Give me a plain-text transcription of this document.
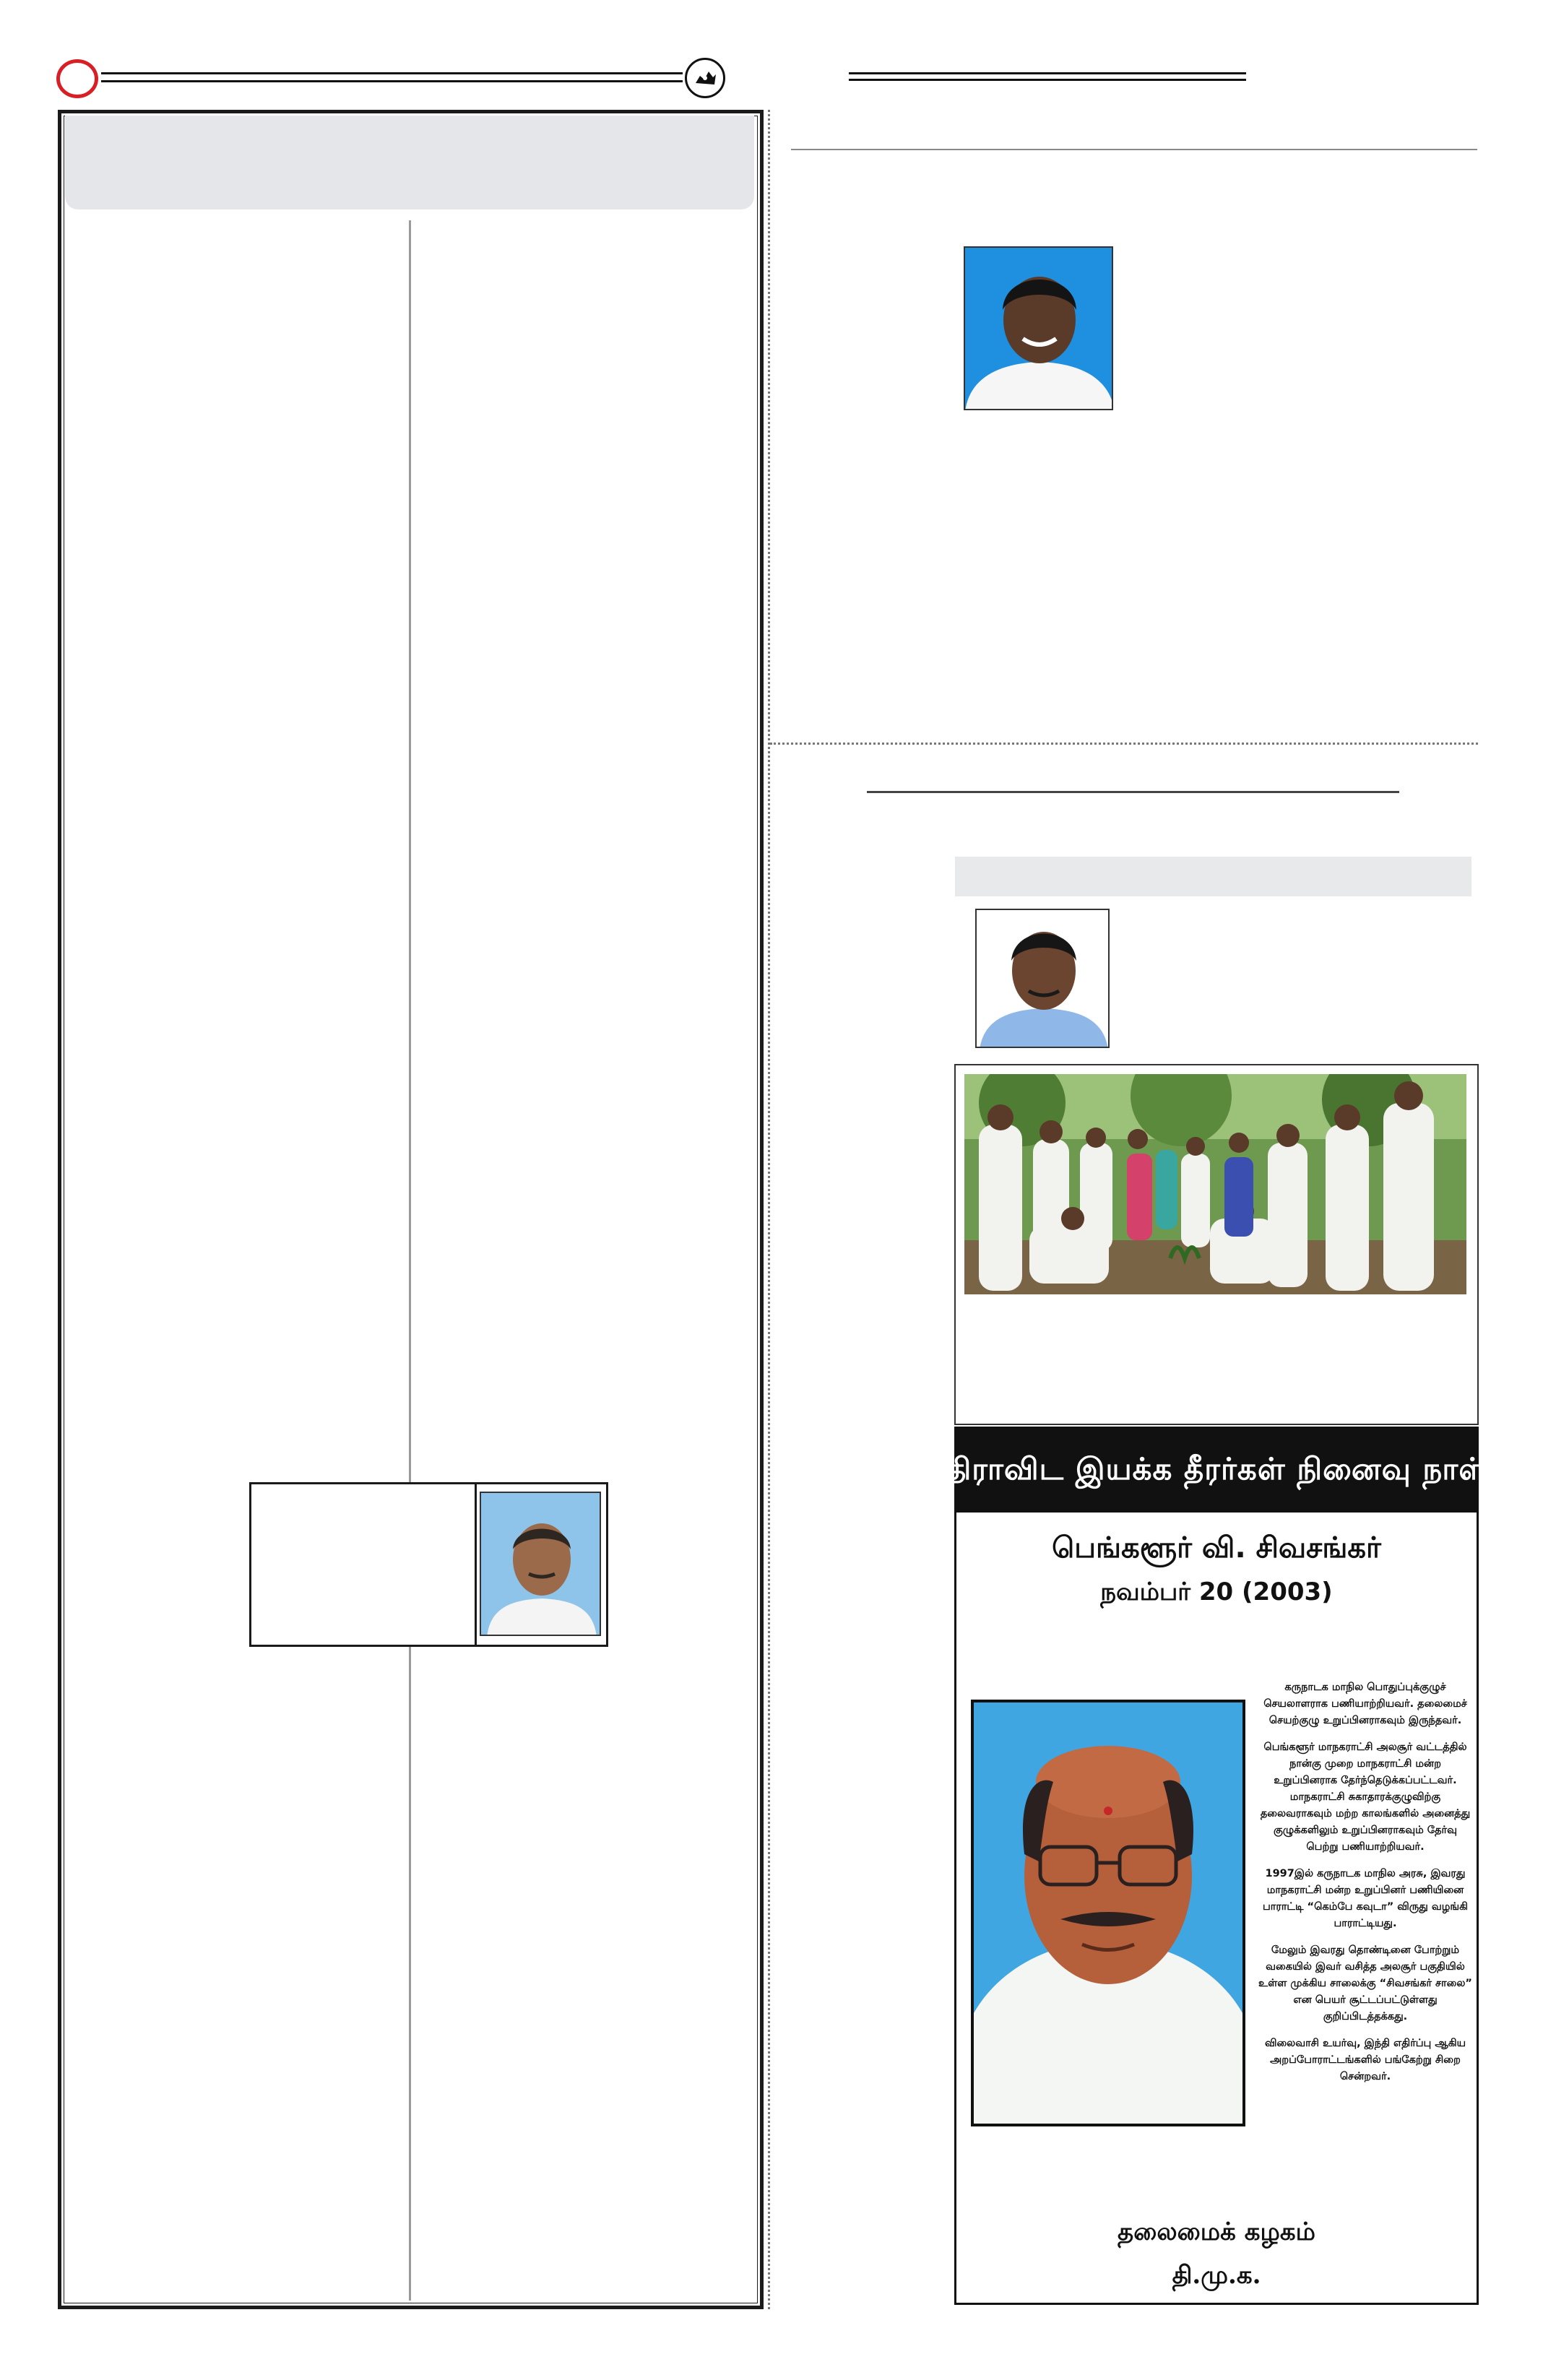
திராவிட இயக்க தீரர்கள் நினைவு நாள்
பெங்களூர் வி. சிவசங்கர்
நவம்பர் 20 (2003)

கருநாடக மாநில பொதுப்புக்குழுச் செயலாளராக பணியாற்றியவர். தலைமைச் செயற்குழு உறுப்பினராகவும் இருந்தவர்.

பெங்களூர் மாநகராட்சி அலசூர் வட்டத்தில் நான்கு முறை மாநகராட்சி மன்ற உறுப்பினராக தேர்ந்தெடுக்கப்பட்டவர். மாநகராட்சி சுகாதாரக்குழுவிற்கு தலைவராகவும் மற்ற காலங்களில் அனைத்து குழுக்களிலும் உறுப்பினராகவும் தேர்வு பெற்று பணியாற்றியவர்.

1997இல் கருநாடக மாநில அரசு, இவரது மாநகராட்சி மன்ற உறுப்பினர் பணியினை பாராட்டி “கெம்பே கவுடா” விருது வழங்கி பாராட்டியது.

மேலும் இவரது தொண்டினை போற்றும் வகையில் இவர் வசித்த அலசூர் பகுதியில் உள்ள முக்கிய சாலைக்கு “சிவசங்கர் சாலை” என பெயர் சூட்டப்பட்டுள்ளது குறிப்பிடத்தக்கது.

விலைவாசி உயர்வு, இந்தி எதிர்ப்பு ஆகிய அறப்போராட்டங்களில் பங்கேற்று சிறை சென்றவர்.

தலைமைக் கழகம்
தி.மு.க.
